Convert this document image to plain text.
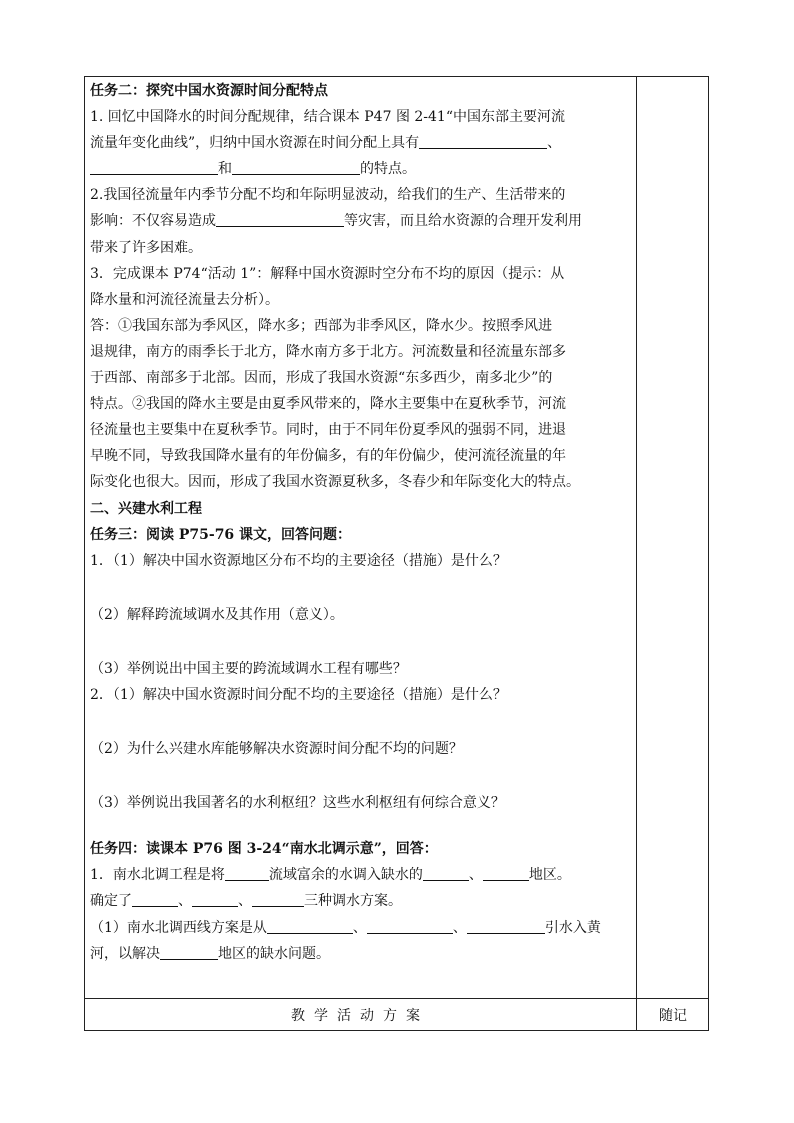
任务二：探究中国水资源时间分配特点
1. 回忆中国降水的时间分配规律，结合课本 P47 图 2-41“中国东部主要河流
流量年变化曲线”，归纳中国水资源在时间分配上具有	、
和	的特点。
2.我国径流量年内季节分配不均和年际明显波动，给我们的生产、生活带来的
影响：不仅容易造成	等灾害，而且给水资源的合理开发利用
带来了许多困难。
3．完成课本 P74“活动 1”：解释中国水资源时空分布不均的原因（提示：从
降水量和河流径流量去分析）。
答：①我国东部为季风区，降水多；西部为非季风区，降水少。按照季风进
退规律，南方的雨季长于北方，降水南方多于北方。河流数量和径流量东部多
于西部、南部多于北部。因而，形成了我国水资源“东多西少，南多北少”的
特点。②我国的降水主要是由夏季风带来的，降水主要集中在夏秋季节，河流
径流量也主要集中在夏秋季节。同时，由于不同年份夏季风的强弱不同，进退
早晚不同，导致我国降水量有的年份偏多，有的年份偏少，使河流径流量的年
际变化也很大。因而，形成了我国水资源夏秋多，冬春少和年际变化大的特点。
二、兴建水利工程
任务三：阅读 P75-76 课文，回答问题：
1．（1）解决中国水资源地区分布不均的主要途径（措施）是什么？
（2）解释跨流域调水及其作用（意义）。
（3）举例说出中国主要的跨流域调水工程有哪些？
2．（1）解决中国水资源时间分配不均的主要途径（措施）是什么？
（2）为什么兴建水库能够解决水资源时间分配不均的问题？
（3）举例说出我国著名的水利枢纽？这些水利枢纽有何综合意义？
任务四：读课本 P76 图 3-24“南水北调示意”，回答：
1．南水北调工程是将	流域富余的水调入缺水的	、	地区。
确定了	、	、	三种调水方案。
（1）南水北调西线方案是从	、	、	引水入黄
河，以解决	地区的缺水问题。
教学活动方案	随记
